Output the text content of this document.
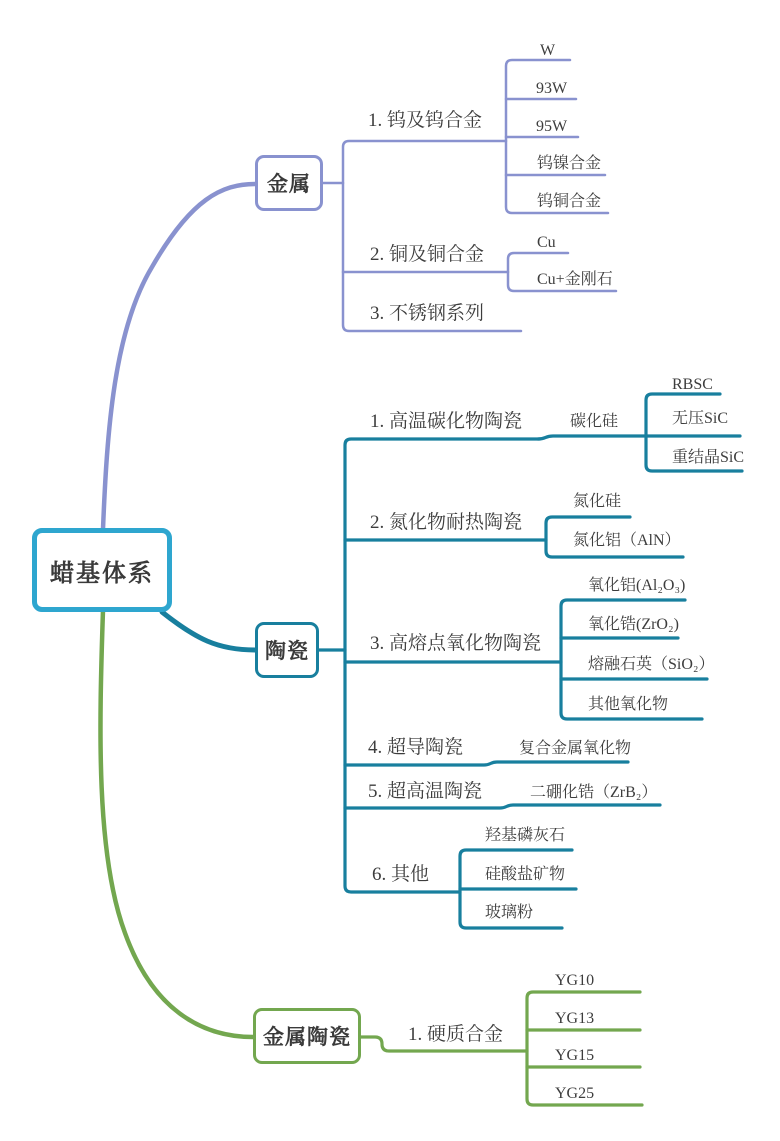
蜡基体系
金属
陶瓷
金属陶瓷
1. 钨及钨合金
W
93W
95W
钨镍合金
钨铜合金
2. 铜及铜合金
Cu
Cu+金刚石
3. 不锈钢系列
1. 高温碳化物陶瓷	碳化硅
RBSC
无压SiC
重结晶SiC
2. 氮化物耐热陶瓷
氮化硅
氮化铝（AlN）
3. 高熔点氧化物陶瓷
氧化铝(Al₂O₃)
氧化锆(ZrO₂)
熔融石英（SiO₂）
其他氧化物
4. 超导陶瓷	复合金属氧化物
5. 超高温陶瓷	二硼化锆（ZrB₂）
6. 其他
羟基磷灰石
硅酸盐矿物
玻璃粉
1. 硬质合金
YG10
YG13
YG15
YG25
